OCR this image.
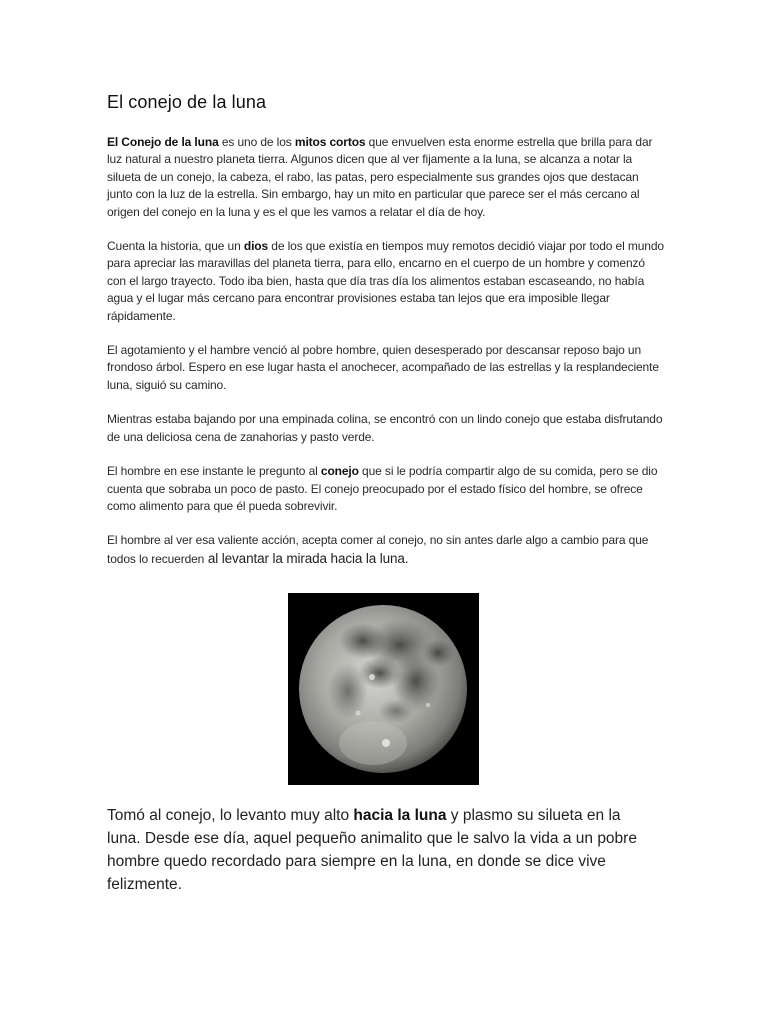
El conejo de la luna

El Conejo de la luna es uno de los mitos cortos que envuelven esta enorme estrella que brilla para dar luz natural a nuestro planeta tierra. Algunos dicen que al ver fijamente a la luna, se alcanza a notar la silueta de un conejo, la cabeza, el rabo, las patas, pero especialmente sus grandes ojos que destacan junto con la luz de la estrella. Sin embargo, hay un mito en particular que parece ser el más cercano al origen del conejo en la luna y es el que les vamos a relatar el día de hoy.

Cuenta la historia, que un dios de los que existía en tiempos muy remotos decidió viajar por todo el mundo para apreciar las maravillas del planeta tierra, para ello, encarno en el cuerpo de un hombre y comenzó con el largo trayecto. Todo iba bien, hasta que día tras día los alimentos estaban escaseando, no había agua y el lugar más cercano para encontrar provisiones estaba tan lejos que era imposible llegar rápidamente.

El agotamiento y el hambre venció al pobre hombre, quien desesperado por descansar reposo bajo un frondoso árbol. Espero en ese lugar hasta el anochecer, acompañado de las estrellas y la resplandeciente luna, siguió su camino.

Mientras estaba bajando por una empinada colina, se encontró con un lindo conejo que estaba disfrutando de una deliciosa cena de zanahorias y pasto verde.

El hombre en ese instante le pregunto al conejo que si le podría compartir algo de su comida, pero se dio cuenta que sobraba un poco de pasto. El conejo preocupado por el estado físico del hombre, se ofrece como alimento para que él pueda sobrevivir.

El hombre al ver esa valiente acción, acepta comer al conejo, no sin antes darle algo a cambio para que todos lo recuerden al levantar la mirada hacia la luna.

Tomó al conejo, lo levanto muy alto hacia la luna y plasmo su silueta en la luna. Desde ese día, aquel pequeño animalito que le salvo la vida a un pobre hombre quedo recordado para siempre en la luna, en donde se dice vive felizmente.
